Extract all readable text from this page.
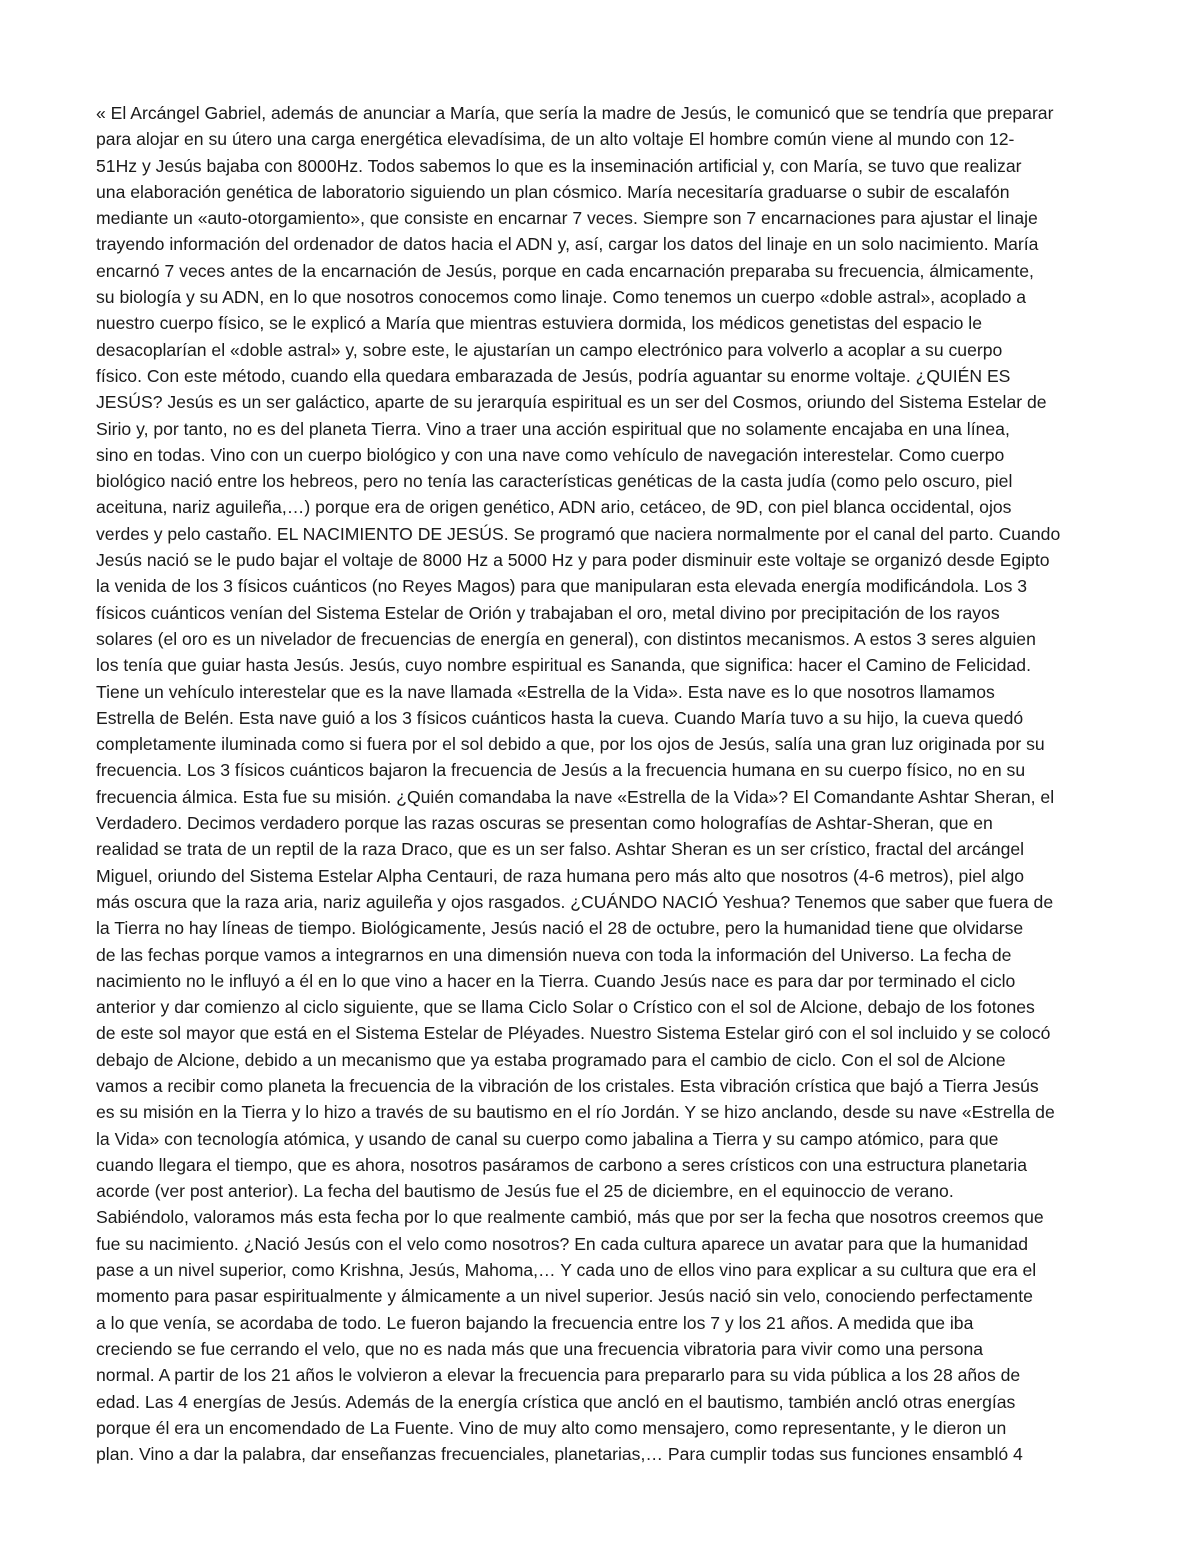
« El Arcángel Gabriel, además de anunciar a María, que sería la madre de Jesús, le comunicó que se tendría que preparar
para alojar en su útero una carga energética elevadísima, de un alto voltaje El hombre común viene al mundo con 12-
51Hz y Jesús bajaba con 8000Hz. Todos sabemos lo que es la inseminación artificial y, con María, se tuvo que realizar
una elaboración genética de laboratorio siguiendo un plan cósmico. María necesitaría graduarse o subir de escalafón
mediante un «auto-otorgamiento», que consiste en encarnar 7 veces. Siempre son 7 encarnaciones para ajustar el linaje
trayendo información del ordenador de datos hacia el ADN y, así, cargar los datos del linaje en un solo nacimiento. María
encarnó 7 veces antes de la encarnación de Jesús, porque en cada encarnación preparaba su frecuencia, álmicamente,
su biología y su ADN, en lo que nosotros conocemos como linaje. Como tenemos un cuerpo «doble astral», acoplado a
nuestro cuerpo físico, se le explicó a María que mientras estuviera dormida, los médicos genetistas del espacio le
desacoplarían el «doble astral» y, sobre este, le ajustarían un campo electrónico para volverlo a acoplar a su cuerpo
físico. Con este método, cuando ella quedara embarazada de Jesús, podría aguantar su enorme voltaje. ¿QUIÉN ES
JESÚS? Jesús es un ser galáctico, aparte de su jerarquía espiritual es un ser del Cosmos, oriundo del Sistema Estelar de
Sirio y, por tanto, no es del planeta Tierra. Vino a traer una acción espiritual que no solamente encajaba en una línea,
sino en todas. Vino con un cuerpo biológico y con una nave como vehículo de navegación interestelar. Como cuerpo
biológico nació entre los hebreos, pero no tenía las características genéticas de la casta judía (como pelo oscuro, piel
aceituna, nariz aguileña,…) porque era de origen genético, ADN ario, cetáceo, de 9D, con piel blanca occidental, ojos
verdes y pelo castaño. EL NACIMIENTO DE JESÚS. Se programó que naciera normalmente por el canal del parto. Cuando
Jesús nació se le pudo bajar el voltaje de 8000 Hz a 5000 Hz y para poder disminuir este voltaje se organizó desde Egipto
la venida de los 3 físicos cuánticos (no Reyes Magos) para que manipularan esta elevada energía modificándola. Los 3
físicos cuánticos venían del Sistema Estelar de Orión y trabajaban el oro, metal divino por precipitación de los rayos
solares (el oro es un nivelador de frecuencias de energía en general), con distintos mecanismos. A estos 3 seres alguien
los tenía que guiar hasta Jesús. Jesús, cuyo nombre espiritual es Sananda, que significa: hacer el Camino de Felicidad.
Tiene un vehículo interestelar que es la nave llamada «Estrella de la Vida». Esta nave es lo que nosotros llamamos
Estrella de Belén. Esta nave guió a los 3 físicos cuánticos hasta la cueva. Cuando María tuvo a su hijo, la cueva quedó
completamente iluminada como si fuera por el sol debido a que, por los ojos de Jesús, salía una gran luz originada por su
frecuencia. Los 3 físicos cuánticos bajaron la frecuencia de Jesús a la frecuencia humana en su cuerpo físico, no en su
frecuencia álmica. Esta fue su misión. ¿Quién comandaba la nave «Estrella de la Vida»? El Comandante Ashtar Sheran, el
Verdadero. Decimos verdadero porque las razas oscuras se presentan como holografías de Ashtar-Sheran, que en
realidad se trata de un reptil de la raza Draco, que es un ser falso. Ashtar Sheran es un ser crístico, fractal del arcángel
Miguel, oriundo del Sistema Estelar Alpha Centauri, de raza humana pero más alto que nosotros (4-6 metros), piel algo
más oscura que la raza aria, nariz aguileña y ojos rasgados. ¿CUÁNDO NACIÓ Yeshua? Tenemos que saber que fuera de
la Tierra no hay líneas de tiempo. Biológicamente, Jesús nació el 28 de octubre, pero la humanidad tiene que olvidarse
de las fechas porque vamos a integrarnos en una dimensión nueva con toda la información del Universo. La fecha de
nacimiento no le influyó a él en lo que vino a hacer en la Tierra. Cuando Jesús nace es para dar por terminado el ciclo
anterior y dar comienzo al ciclo siguiente, que se llama Ciclo Solar o Crístico con el sol de Alcione, debajo de los fotones
de este sol mayor que está en el Sistema Estelar de Pléyades. Nuestro Sistema Estelar giró con el sol incluido y se colocó
debajo de Alcione, debido a un mecanismo que ya estaba programado para el cambio de ciclo. Con el sol de Alcione
vamos a recibir como planeta la frecuencia de la vibración de los cristales. Esta vibración crística que bajó a Tierra Jesús
es su misión en la Tierra y lo hizo a través de su bautismo en el río Jordán. Y se hizo anclando, desde su nave «Estrella de
la Vida» con tecnología atómica, y usando de canal su cuerpo como jabalina a Tierra y su campo atómico, para que
cuando llegara el tiempo, que es ahora, nosotros pasáramos de carbono a seres crísticos con una estructura planetaria
acorde (ver post anterior). La fecha del bautismo de Jesús fue el 25 de diciembre, en el equinoccio de verano.
Sabiéndolo, valoramos más esta fecha por lo que realmente cambió, más que por ser la fecha que nosotros creemos que
fue su nacimiento. ¿Nació Jesús con el velo como nosotros? En cada cultura aparece un avatar para que la humanidad
pase a un nivel superior, como Krishna, Jesús, Mahoma,… Y cada uno de ellos vino para explicar a su cultura que era el
momento para pasar espiritualmente y álmicamente a un nivel superior. Jesús nació sin velo, conociendo perfectamente
a lo que venía, se acordaba de todo. Le fueron bajando la frecuencia entre los 7 y los 21 años. A medida que iba
creciendo se fue cerrando el velo, que no es nada más que una frecuencia vibratoria para vivir como una persona
normal. A partir de los 21 años le volvieron a elevar la frecuencia para prepararlo para su vida pública a los 28 años de
edad. Las 4 energías de Jesús. Además de la energía crística que ancló en el bautismo, también ancló otras energías
porque él era un encomendado de La Fuente. Vino de muy alto como mensajero, como representante, y le dieron un
plan. Vino a dar la palabra, dar enseñanzas frecuenciales, planetarias,… Para cumplir todas sus funciones ensambló 4
